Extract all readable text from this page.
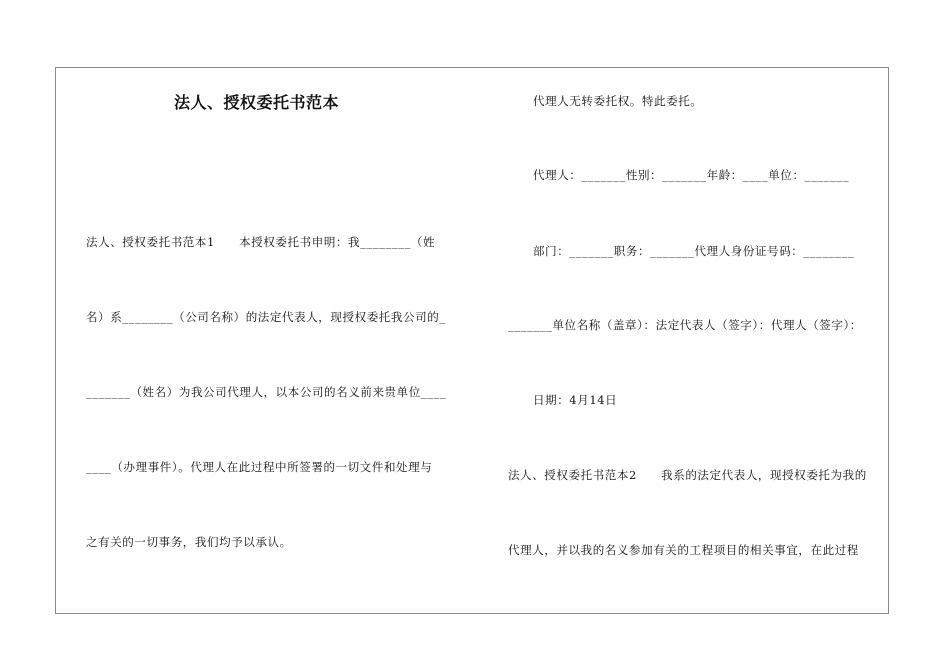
法人、授权委托书范本
法人、授权委托书范本1　　本授权委托书申明：我________（姓
名）系________（公司名称）的法定代表人，现授权委托我公司的_
_______（姓名）为我公司代理人，以本公司的名义前来贵单位____
____（办理事件）。代理人在此过程中所签署的一切文件和处理与
之有关的一切事务，我们均予以承认。
代理人无转委托权。特此委托。
代理人：_______性别：_______年龄：____单位：_______
部门：_______职务：_______代理人身份证号码：________
_______单位名称（盖章）：法定代表人（签字）：代理人（签字）：
日期：4月14日
法人、授权委托书范本2　　我系的法定代表人，现授权委托为我的
代理人，并以我的名义参加有关的工程项目的相关事宜，在此过程
